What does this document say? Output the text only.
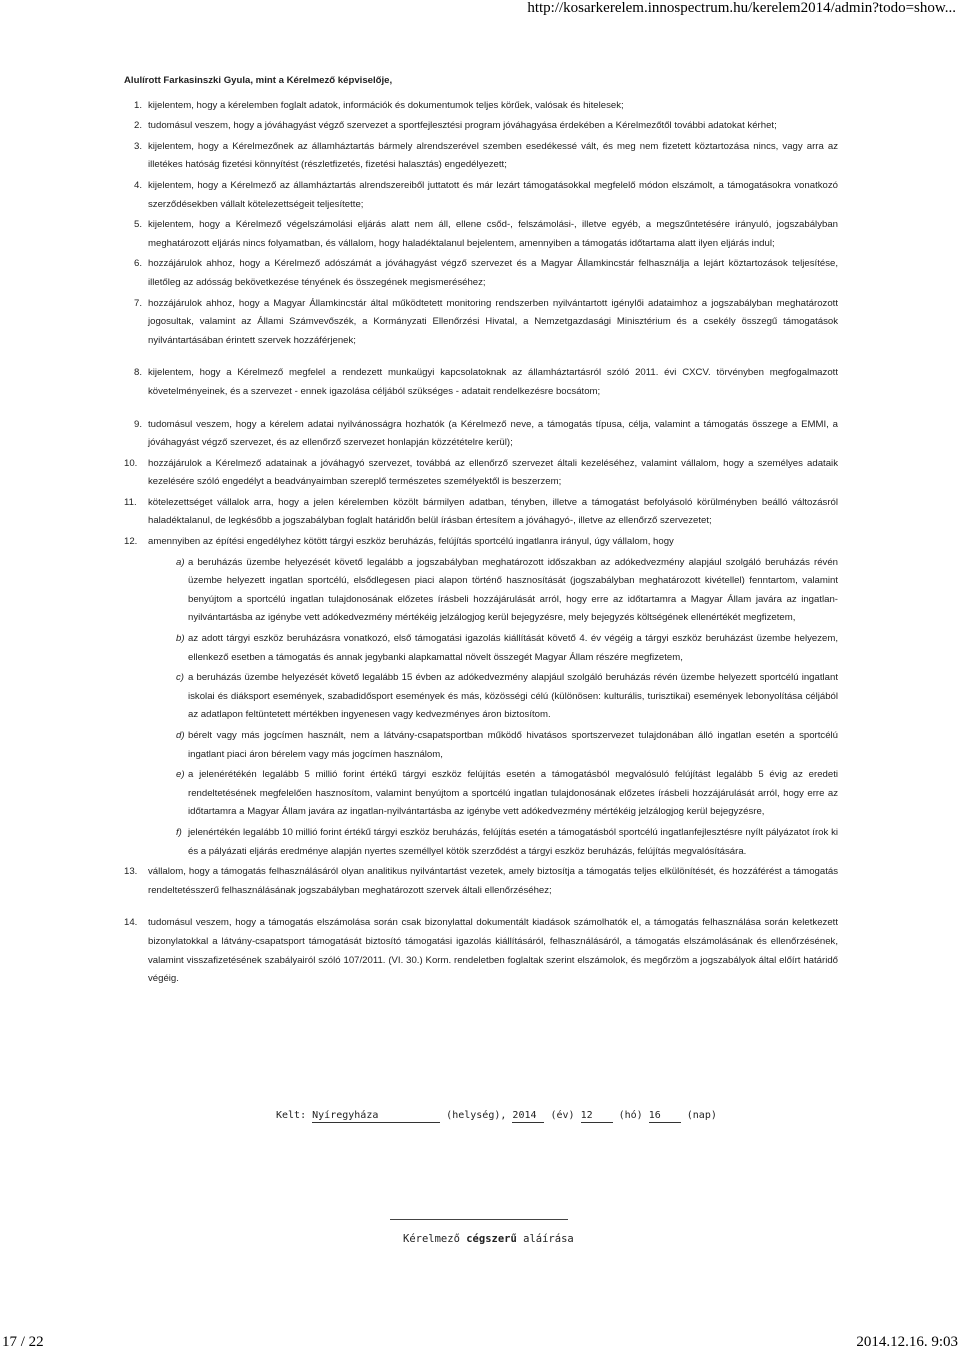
http://kosarkerelem.innospectrum.hu/kerelem2014/admin?todo=show...
Alulírott Farkasinszki Gyula, mint a Kérelmező képviselője,
1. kijelentem, hogy a kérelemben foglalt adatok, információk és dokumentumok teljes körűek, valósak és hitelesek;
2. tudomásul veszem, hogy a jóváhagyást végző szervezet a sportfejlesztési program jóváhagyása érdekében a Kérelmezőtől további adatokat kérhet;
3. kijelentem, hogy a Kérelmezőnek az államháztartás bármely alrendszerével szemben esedékessé vált, és meg nem fizetett köztartozása nincs, vagy arra az illetékes hatóság fizetési könnyítést (részletfizetés, fizetési halasztás) engedélyezett;
4. kijelentem, hogy a Kérelmező az államháztartás alrendszereiből juttatott és már lezárt támogatásokkal megfelelő módon elszámolt, a támogatásokra vonatkozó szerződésekben vállalt kötelezettségeit teljesítette;
5. kijelentem, hogy a Kérelmező végelszámolási eljárás alatt nem áll, ellene csőd-, felszámolási-, illetve egyéb, a megszűntetésére irányuló, jogszabályban meghatározott eljárás nincs folyamatban, és vállalom, hogy haladéktalanul bejelentem, amennyiben a támogatás időtartama alatt ilyen eljárás indul;
6. hozzájárulok ahhoz, hogy a Kérelmező adószámát a jóváhagyást végző szervezet és a Magyar Államkincstár felhasználja a lejárt köztartozások teljesítése, illetőleg az adósság bekövetkezése tényének és összegének megismeréséhez;
7. hozzájárulok ahhoz, hogy a Magyar Államkincstár által működtetett monitoring rendszerben nyilvántartott igénylői adataimhoz a jogszabályban meghatározott jogosultak, valamint az Állami Számvevőszék, a Kormányzati Ellenőrzési Hivatal, a Nemzetgazdasági Minisztérium és a csekély összegű támogatások nyilvántartásában érintett szervek hozzáférjenek;
8. kijelentem, hogy a Kérelmező megfelel a rendezett munkaügyi kapcsolatoknak az államháztartásról szóló 2011. évi CXCV. törvényben megfogalmazott követelményeinek, és a szervezet - ennek igazolása céljából szükséges - adatait rendelkezésre bocsátom;
9. tudomásul veszem, hogy a kérelem adatai nyilvánosságra hozhatók (a Kérelmező neve, a támogatás típusa, célja, valamint a támogatás összege a EMMI, a jóváhagyást végző szervezet, és az ellenőrző szervezet honlapján közzétételre kerül);
10. hozzájárulok a Kérelmező adatainak a jóváhagyó szervezet, továbbá az ellenőrző szervezet általi kezeléséhez, valamint vállalom, hogy a személyes adataik kezelésére szóló engedélyt a beadványaimban szereplő természetes személyektől is beszerzem;
11. kötelezettséget vállalok arra, hogy a jelen kérelemben közölt bármilyen adatban, tényben, illetve a támogatást befolyásoló körülményben beálló változásról haladéktalanul, de legkésőbb a jogszabályban foglalt határidőn belül írásban értesítem a jóváhagyó-, illetve az ellenőrző szervezetet;
12. amennyiben az építési engedélyhez kötött tárgyi eszköz beruházás, felújítás sportcélú ingatlanra irányul, úgy vállalom, hogy
a) a beruházás üzembe helyezését követő legalább a jogszabályban meghatározott időszakban az adókedvezmény alapjául szolgáló beruházás révén üzembe helyezett ingatlan sportcélú, elsődlegesen piaci alapon történő hasznosítását (jogszabályban meghatározott kivétellel) fenntartom, valamint benyújtom a sportcélú ingatlan tulajdonosának előzetes írásbeli hozzájárulását arról, hogy erre az időtartamra a Magyar Állam javára az ingatlan-nyilvántartásba az igénybe vett adókedvezmény mértékéig jelzálogjog kerül bejegyzésre, mely bejegyzés költségének ellenértékét megfizetem,
b) az adott tárgyi eszköz beruházásra vonatkozó, első támogatási igazolás kiállítását követő 4. év végéig a tárgyi eszköz beruházást üzembe helyezem, ellenkező esetben a támogatás és annak jegybanki alapkamattal növelt összegét Magyar Állam részére megfizetem,
c) a beruházás üzembe helyezését követő legalább 15 évben az adókedvezmény alapjául szolgáló beruházás révén üzembe helyezett sportcélú ingatlant iskolai és diáksport események, szabadidősport események és más, közösségi célú (különösen: kulturális, turisztikai) események lebonyolítása céljából az adatlapon feltüntetett mértékben ingyenesen vagy kedvezményes áron biztosítom.
d) bérelt vagy más jogcímen használt, nem a látvány-csapatsportban működő hivatásos sportszervezet tulajdonában álló ingatlan esetén a sportcélú ingatlant piaci áron bérelem vagy más jogcímen használom,
e) a jelenérétékén legalább 5 millió forint értékű tárgyi eszköz felújítás esetén a támogatásból megvalósuló felújítást legalább 5 évig az eredeti rendeltetésének megfelelően hasznosítom, valamint benyújtom a sportcélú ingatlan tulajdonosának előzetes írásbeli hozzájárulását arról, hogy erre az időtartamra a Magyar Állam javára az ingatlan-nyilvántartásba az igénybe vett adókedvezmény mértékéig jelzálogjog kerül bejegyzésre,
f) jelenértékén legalább 10 millió forint értékű tárgyi eszköz beruházás, felújítás esetén a támogatásból sportcélú ingatlanfejlesztésre nyílt pályázatot írok ki és a pályázati eljárás eredménye alapján nyertes személlyel kötök szerződést a tárgyi eszköz beruházás, felújítás megvalósítására.
13. vállalom, hogy a támogatás felhasználásáról olyan analitikus nyilvántartást vezetek, amely biztosítja a támogatás teljes elkülönítését, és hozzáférést a támogatás rendeltetésszerű felhasználásának jogszabályban meghatározott szervek általi ellenőrzéséhez;
14. tudomásul veszem, hogy a támogatás elszámolása során csak bizonylattal dokumentált kiadások számolhatók el, a támogatás felhasználása során keletkezett bizonylatokkal a látvány-csapatsport támogatását biztosító támogatási igazolás kiállításáról, felhasználásáról, a támogatás elszámolásának és ellenőrzésének, valamint visszafizetésének szabályairól szóló 107/2011. (VI. 30.) Korm. rendeletben foglaltak szerint elszámolok, és megőrzöm a jogszabályok által előírt határidő végéig.
Kelt: Nyíregyháza	(helység), 2014 (év) 12	(hó) 16	(nap)
Kérelmező cégszerű aláírása
17 / 22	2014.12.16. 9:03
